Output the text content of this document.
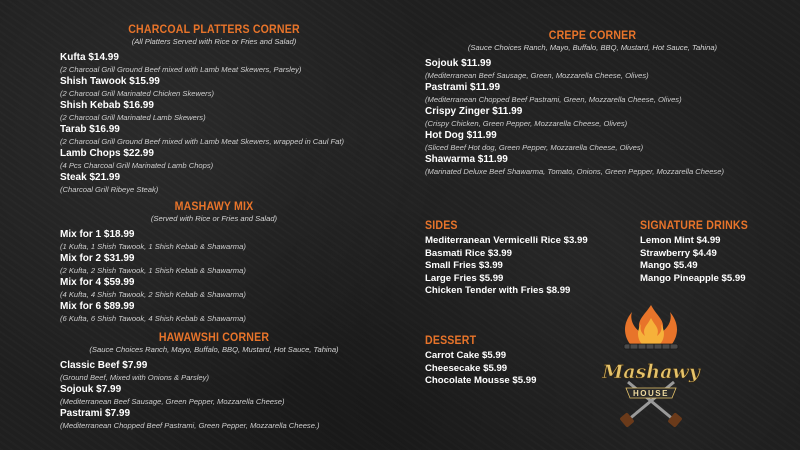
CHARCOAL PLATTERS CORNER
(All Platters Served with Rice or Fries and Salad)
Kufta $14.99
(2 Charcoal Grill Ground Beef mixed with Lamb Meat Skewers, Parsley)
Shish Tawook $15.99
(2 Charcoal Grill Marinated Chicken Skewers)
Shish Kebab $16.99
(2 Charcoal Grill Marinated Lamb Skewers)
Tarab $16.99
(2 Charcoal Grill Ground Beef mixed with Lamb Meat Skewers, wrapped in Caul Fat)
Lamb Chops $22.99
(4 Pcs Charcoal Grill Marinated Lamb Chops)
Steak $21.99
(Charcoal Grill Ribeye Steak)
MASHAWY MIX
(Served with Rice or Fries and Salad)
Mix for 1 $18.99
(1 Kufta, 1 Shish Tawook, 1 Shish Kebab & Shawarma)
Mix for 2 $31.99
(2 Kufta, 2 Shish Tawook, 1 Shish Kebab & Shawarma)
Mix for 4 $59.99
(4 Kufta, 4 Shish Tawook, 2 Shish Kebab & Shawarma)
Mix for 6 $89.99
(6 Kufta, 6 Shish Tawook, 4 Shish Kebab & Shawarma)
HAWAWSHI CORNER
(Sauce Choices Ranch, Mayo, Buffalo, BBQ, Mustard, Hot Sauce, Tahina)
Classic Beef $7.99
(Ground Beef, Mixed with Onions & Parsley)
Sojouk $7.99
(Mediterranean Beef Sausage, Green Pepper, Mozzarella Cheese)
Pastrami $7.99
(Mediterranean Chopped Beef Pastrami, Green Pepper, Mozzarella Cheese.)
CREPE CORNER
(Sauce Choices Ranch, Mayo, Buffalo, BBQ, Mustard, Hot Sauce, Tahina)
Sojouk $11.99
(Mediterranean Beef Sausage, Green, Mozzarella Cheese, Olives)
Pastrami $11.99
(Mediterranean Chopped Beef Pastrami, Green, Mozzarella Cheese, Olives)
Crispy Zinger $11.99
(Crispy Chicken, Green Pepper, Mozzarella Cheese, Olives)
Hot Dog $11.99
(Sliced Beef Hot dog, Green Pepper, Mozzarella Cheese, Olives)
Shawarma $11.99
(Marinated Deluxe Beef Shawarma, Tomato, Onions, Green Pepper, Mozzarella Cheese)
SIDES
Mediterranean Vermicelli Rice $3.99
Basmati Rice $3.99
Small Fries $3.99
Large Fries $5.99
Chicken Tender with Fries $8.99
SIGNATURE DRINKS
Lemon Mint $4.99
Strawberry $4.49
Mango $5.49
Mango Pineapple $5.99
DESSERT
Carrot Cake $5.99
Cheesecake $5.99
Chocolate Mousse $5.99	Mashawy
HOUSE
